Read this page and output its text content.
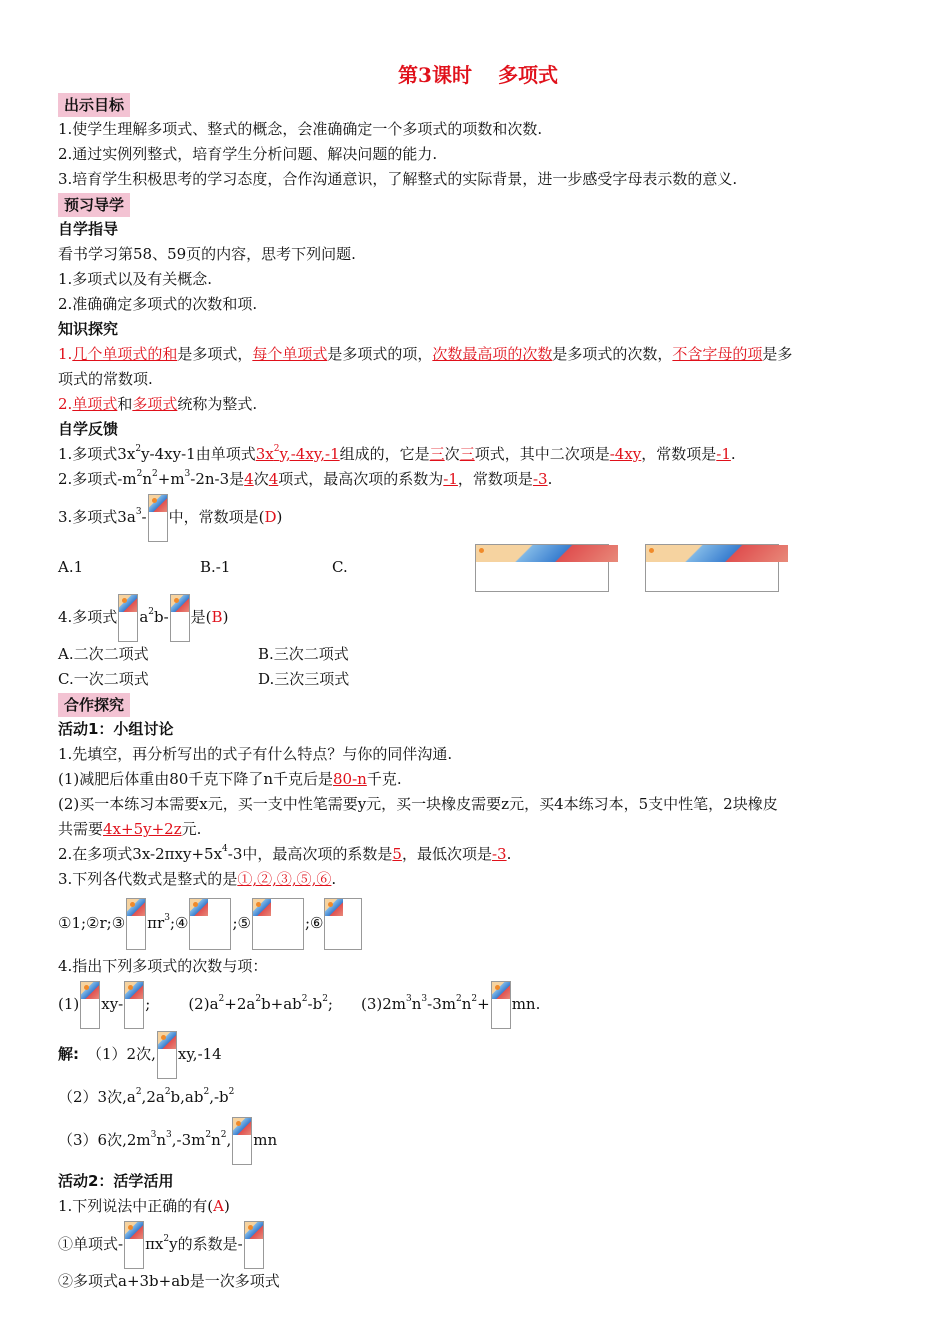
第3课时 多项式
出示目标
1.使学生理解多项式、整式的概念，会准确确定一个多项式的项数和次数.
2.通过实例列整式，培育学生分析问题、解决问题的能力.
3.培育学生积极思考的学习态度，合作沟通意识，了解整式的实际背景，进一步感受字母表示数的意义.
预习导学
自学指导
看书学习第58、59页的内容，思考下列问题.
1.多项式以及有关概念.
2.准确确定多项式的次数和项.
知识探究
1.几个单项式的和是多项式，每个单项式是多项式的项，次数最高项的次数是多项式的次数，不含字母的项是多
项式的常数项.
2.单项式和多项式统称为整式.
自学反馈
1.多项式$3x^2y-4xy-1$由单项式$3x^2y,-4xy,-1$组成的，它是三次三项式，其中二次项是-4xy，常数项是-1.
2.多项式$-m^2n^2+m^3-2n-3$是4次4项式，最高次项的系数为-1，常数项是-3.
3.多项式$3a^3-$ 中，常数项是(D)
A.1	B.-1	C.
4.多项式 $a^2b-$ 是(B)
A.二次二项式	B.三次二项式
C.一次二项式	D.三次三项式
合作探究
活动1：小组讨论
1.先填空，再分析写出的式子有什么特点？与你的同伴沟通.
(1)减肥后体重由80千克下降了n千克后是80-n千克.
(2)买一本练习本需要x元，买一支中性笔需要y元，买一块橡皮需要z元，买4本练习本，5支中性笔，2块橡皮
共需要4x+5y+2z元.
2.在多项式$3x-2\pi xy+5x^4-3$中，最高次项的系数是5，最低次项是-3.
3.下列各代数式是整式的是①,②,③,⑤,⑥.
①1;②r;③ $\pi r^3;④$	;⑤	;⑥
4.指出下列多项式的次数与项：
(1) xy- ;	$(2)a^2+2a^2b+ab^2-b^2$; $(3)2m^3n^3-3m^2n^2+$ mn.
解: （1）2次, xy,-14
（2）3次$,a^2,2a^2b,ab^2,-b^2$
（3）6次$,2m^3n^3,-3m^2n^2$, mn
活动2：活学活用
1.下列说法中正确的有(A)
①单项式- $\pi x^2y$的系数是-
②多项式a+3b+ab是一次多项式
